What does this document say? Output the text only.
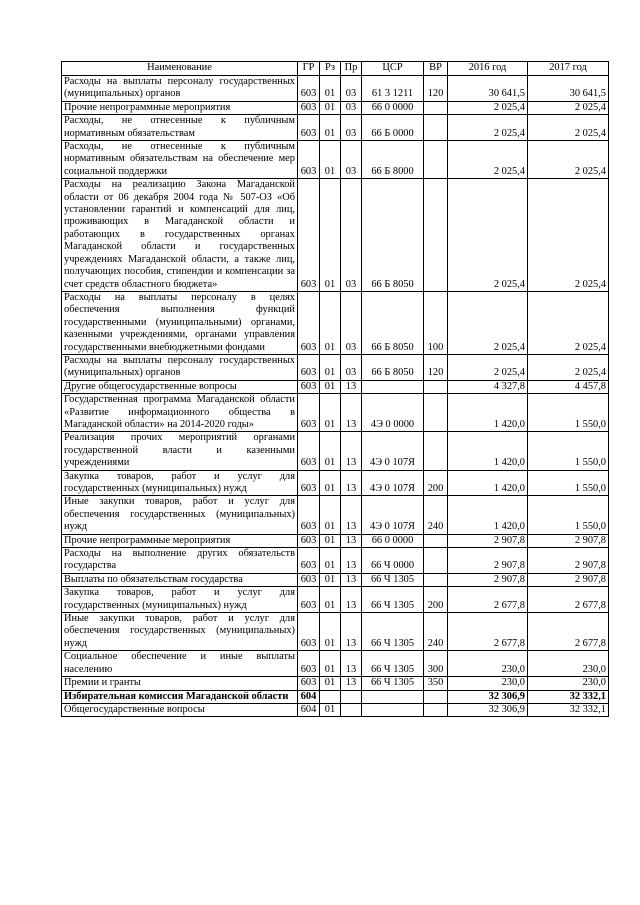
Наименование	ГР	Рз	Пр	ЦСР	ВР	2016 год	2017 год
Расходы на выплаты персоналу государственных (муниципальных) органов	603	01	03	61 3 1211	120	30 641,5	30 641,5
Прочие непрограммные мероприятия	603	01	03	66 0 0000		2 025,4	2 025,4
Расходы, не отнесенные к публичным нормативным обязательствам	603	01	03	66 Б 0000		2 025,4	2 025,4
Расходы, не отнесенные к публичным нормативным обязательствам на обеспечение мер социальной поддержки	603	01	03	66 Б 8000		2 025,4	2 025,4
Расходы на реализацию Закона Магаданской области от 06 декабря 2004 года № 507-ОЗ «Об установлении гарантий и компенсаций для лиц, проживающих в Магаданской области и работающих в государственных органах Магаданской области и государственных учреждениях Магаданской области, а также лиц, получающих пособия, стипендии и компенсации за счет средств областного бюджета»	603	01	03	66 Б 8050		2 025,4	2 025,4
Расходы на выплаты персоналу в целях обеспечения выполнения функций государственными (муниципальными) органами, казенными учреждениями, органами управления государственными внебюджетными фондами	603	01	03	66 Б 8050	100	2 025,4	2 025,4
Расходы на выплаты персоналу государственных (муниципальных) органов	603	01	03	66 Б 8050	120	2 025,4	2 025,4
Другие общегосударственные вопросы	603	01	13			4 327,8	4 457,8
Государственная программа Магаданской области «Развитие информационного общества в Магаданской области» на 2014-2020 годы»	603	01	13	4Э 0 0000		1 420,0	1 550,0
Реализация прочих мероприятий органами государственной власти и казенными учреждениями	603	01	13	4Э 0 107Я		1 420,0	1 550,0
Закупка товаров, работ и услуг для государственных (муниципальных) нужд	603	01	13	4Э 0 107Я	200	1 420,0	1 550,0
Иные закупки товаров, работ и услуг для обеспечения государственных (муниципальных) нужд	603	01	13	4Э 0 107Я	240	1 420,0	1 550,0
Прочие непрограммные мероприятия	603	01	13	66 0 0000		2 907,8	2 907,8
Расходы на выполнение других обязательств государства	603	01	13	66 Ч 0000		2 907,8	2 907,8
Выплаты по обязательствам государства	603	01	13	66 Ч 1305		2 907,8	2 907,8
Закупка товаров, работ и услуг для государственных (муниципальных) нужд	603	01	13	66 Ч 1305	200	2 677,8	2 677,8
Иные закупки товаров, работ и услуг для обеспечения государственных (муниципальных) нужд	603	01	13	66 Ч 1305	240	2 677,8	2 677,8
Социальное обеспечение и иные выплаты населению	603	01	13	66 Ч 1305	300	230,0	230,0
Премии и гранты	603	01	13	66 Ч 1305	350	230,0	230,0
Избирательная комиссия Магаданской области	604					32 306,9	32 332,1
Общегосударственные вопросы	604	01				32 306,9	32 332,1
